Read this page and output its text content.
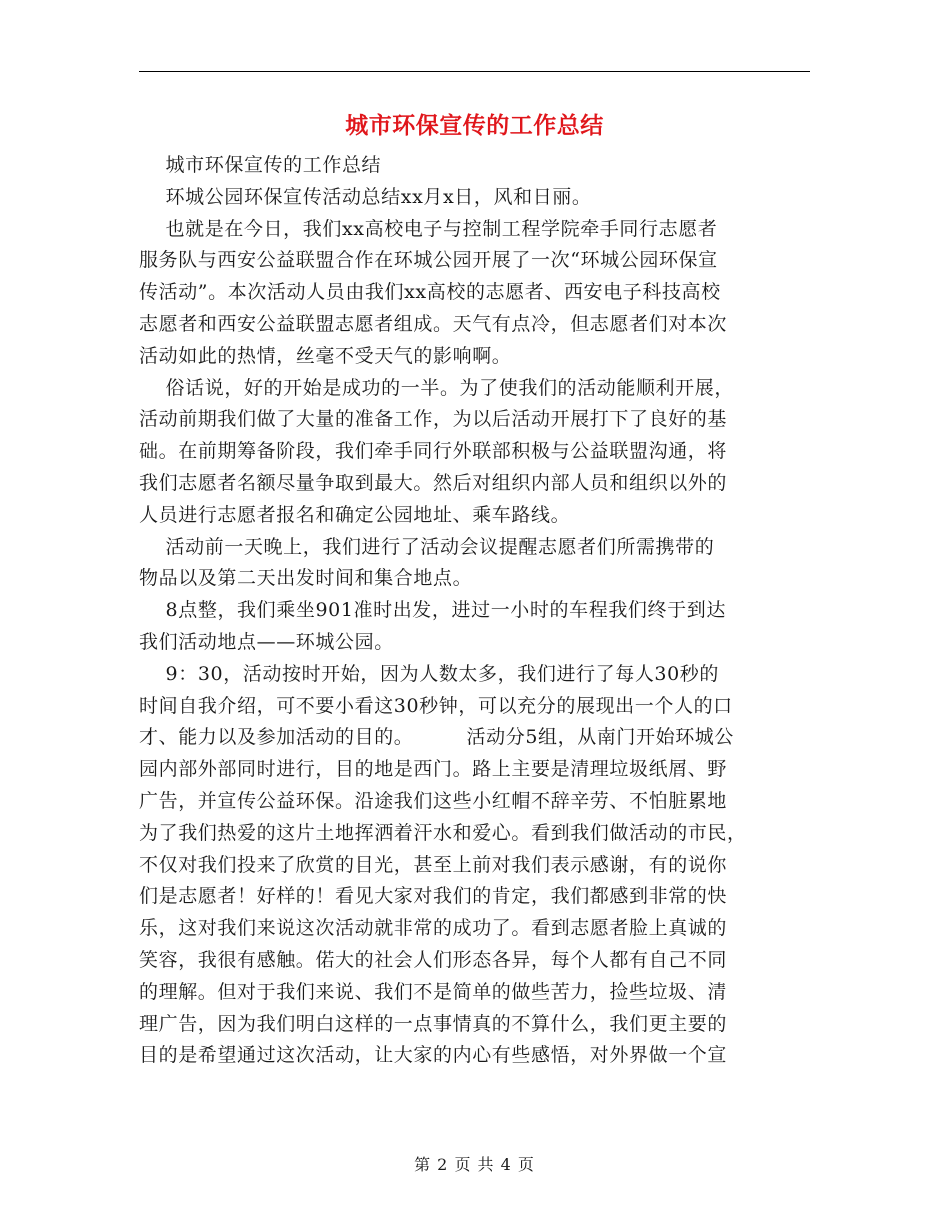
城市环保宣传的工作总结
城市环保宣传的工作总结
环城公园环保宣传活动总结xx月x日，风和日丽。
也就是在今日，我们xx高校电子与控制工程学院牵手同行志愿者
服务队与西安公益联盟合作在环城公园开展了一次“环城公园环保宣
传活动”。本次活动人员由我们xx高校的志愿者、西安电子科技高校
志愿者和西安公益联盟志愿者组成。天气有点冷，但志愿者们对本次
活动如此的热情，丝毫不受天气的影响啊。
俗话说，好的开始是成功的一半。为了使我们的活动能顺利开展，
活动前期我们做了大量的准备工作，为以后活动开展打下了良好的基
础。在前期筹备阶段，我们牵手同行外联部积极与公益联盟沟通，将
我们志愿者名额尽量争取到最大。然后对组织内部人员和组织以外的
人员进行志愿者报名和确定公园地址、乘车路线。
活动前一天晚上，我们进行了活动会议提醒志愿者们所需携带的
物品以及第二天出发时间和集合地点。
8点整，我们乘坐901准时出发，进过一小时的车程我们终于到达
我们活动地点——环城公园。
9：30，活动按时开始，因为人数太多，我们进行了每人30秒的
时间自我介绍，可不要小看这30秒钟，可以充分的展现出一个人的口
才、能力以及参加活动的目的。        活动分5组，从南门开始环城公
园内部外部同时进行，目的地是西门。路上主要是清理垃圾纸屑、野
广告，并宣传公益环保。沿途我们这些小红帽不辞辛劳、不怕脏累地
为了我们热爱的这片土地挥洒着汗水和爱心。看到我们做活动的市民，
不仅对我们投来了欣赏的目光，甚至上前对我们表示感谢，有的说你
们是志愿者！好样的！看见大家对我们的肯定，我们都感到非常的快
乐，这对我们来说这次活动就非常的成功了。看到志愿者脸上真诚的
笑容，我很有感触。偌大的社会人们形态各异，每个人都有自己不同
的理解。但对于我们来说、我们不是简单的做些苦力，捡些垃圾、清
理广告，因为我们明白这样的一点事情真的不算什么，我们更主要的
目的是希望通过这次活动，让大家的内心有些感悟，对外界做一个宣
第 2 页 共 4 页
